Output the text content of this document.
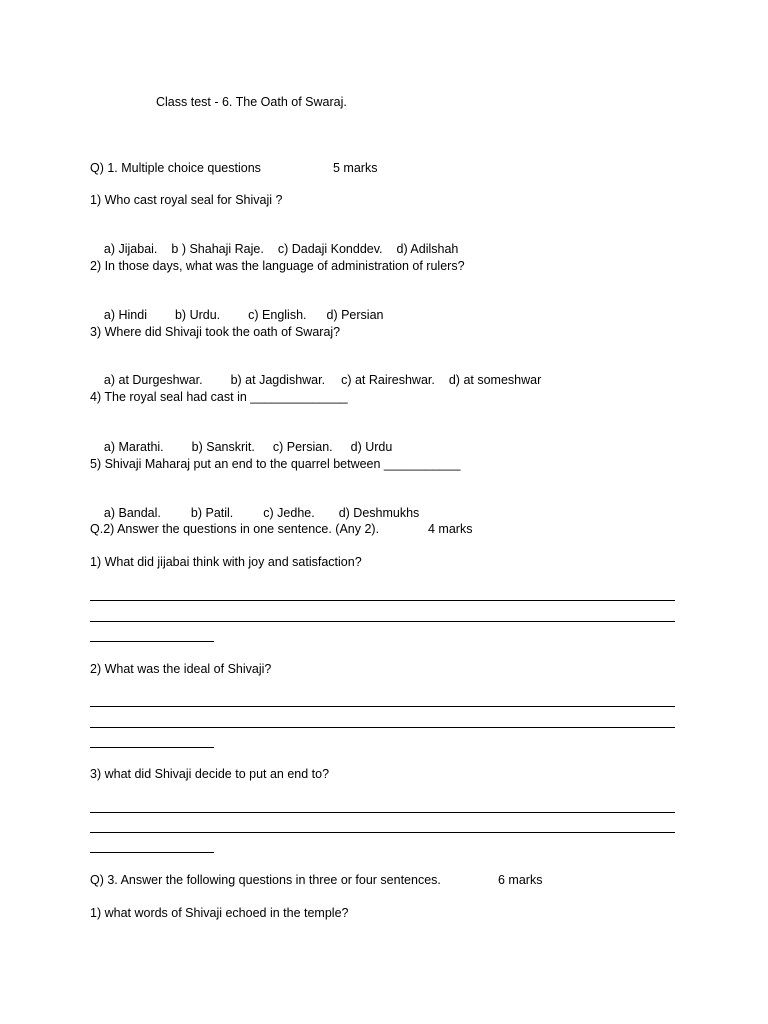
Class test - 6. The Oath of Swaraj.
Q) 1. Multiple choice questions	5 marks
1) Who cast royal seal for Shivaji ?

a) Jijabai. b ) Shahaji Raje. c) Dadaji Konddev. d) Adilshah

2) In those days, what was the language of administration of rulers?

a) Hindi b) Urdu. c) English. d) Persian

3) Where did Shivaji took the oath of Swaraj?

a) at Durgeshwar. b) at Jagdishwar. c) at Raireshwar. d) at someshwar

4) The royal seal had cast in ______________

a) Marathi. b) Sanskrit. c) Persian. d) Urdu

5) Shivaji Maharaj put an end to the quarrel between ___________

a) Bandal. b) Patil. c) Jedhe. d) Deshmukhs

Q.2) Answer the questions in one sentence. (Any 2).	4 marks
1) What did jijabai think with joy and satisfaction?
2) What was the ideal of Shivaji?
3) what did Shivaji decide to put an end to?
Q) 3. Answer the following questions in three or four sentences.	6 marks
1) what words of Shivaji echoed in the temple?
